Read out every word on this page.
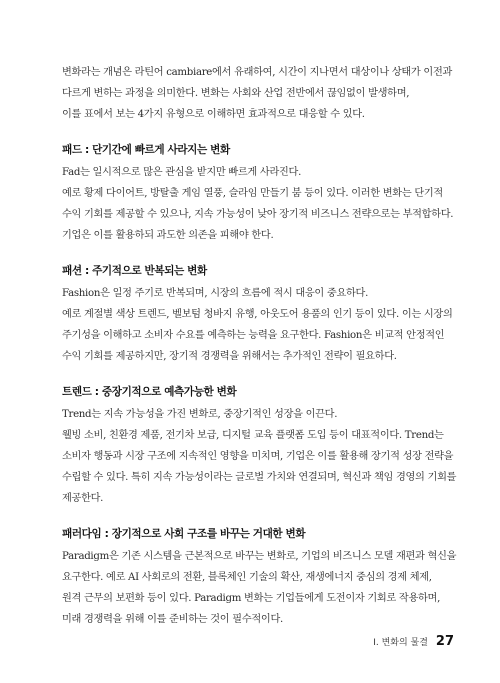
변화라는 개념은 라틴어 cambiare에서 유래하여, 시간이 지나면서 대상이나 상태가 이전과

다르게 변하는 과정을 의미한다. 변화는 사회와 산업 전반에서 끊임없이 발생하며,

이를 표에서 보는 4가지 유형으로 이해하면 효과적으로 대응할 수 있다.

패드 : 단기간에 빠르게 사라지는 변화

Fad는 일시적으로 많은 관심을 받지만 빠르게 사라진다.

예로 황제 다이어트, 방탈출 게임 열풍, 슬라임 만들기 붐 등이 있다. 이러한 변화는 단기적

수익 기회를 제공할 수 있으나, 지속 가능성이 낮아 장기적 비즈니스 전략으로는 부적합하다.

기업은 이를 활용하되 과도한 의존을 피해야 한다.

패션 : 주기적으로 반복되는 변화

Fashion은 일정 주기로 반복되며, 시장의 흐름에 적시 대응이 중요하다.

예로 계절별 색상 트렌드, 벨보텀 청바지 유행, 아웃도어 용품의 인기 등이 있다. 이는 시장의

주기성을 이해하고 소비자 수요를 예측하는 능력을 요구한다. Fashion은 비교적 안정적인

수익 기회를 제공하지만, 장기적 경쟁력을 위해서는 추가적인 전략이 필요하다.

트렌드 : 중장기적으로 예측가능한 변화

Trend는 지속 가능성을 가진 변화로, 중장기적인 성장을 이끈다.

웰빙 소비, 친환경 제품, 전기차 보급, 디지털 교육 플랫폼 도입 등이 대표적이다. Trend는

소비자 행동과 시장 구조에 지속적인 영향을 미치며, 기업은 이를 활용해 장기적 성장 전략을

수립할 수 있다. 특히 지속 가능성이라는 글로벌 가치와 연결되며, 혁신과 책임 경영의 기회를

제공한다.

패러다임 : 장기적으로 사회 구조를 바꾸는 거대한 변화

Paradigm은 기존 시스템을 근본적으로 바꾸는 변화로, 기업의 비즈니스 모델 재편과 혁신을

요구한다. 예로 AI 사회로의 전환, 블록체인 기술의 확산, 재생에너지 중심의 경제 체제,

원격 근무의 보편화 등이 있다. Paradigm 변화는 기업들에게 도전이자 기회로 작용하며,

미래 경쟁력을 위해 이를 준비하는 것이 필수적이다.

Ⅰ. 변화의 물결 27
